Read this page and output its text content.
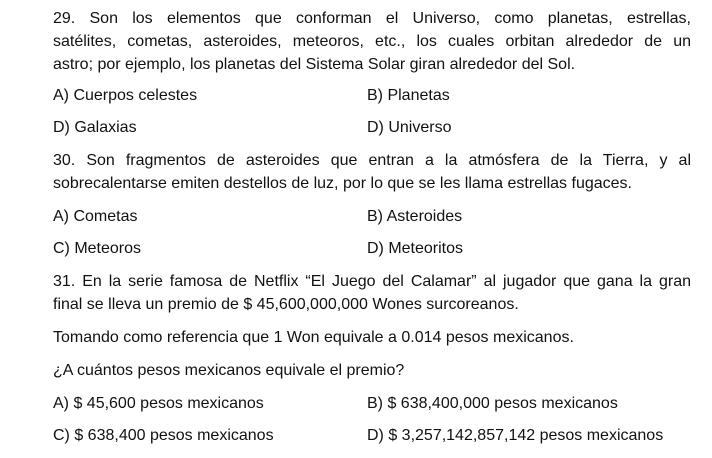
29. Son los elementos que conforman el Universo, como planetas, estrellas,
satélites, cometas, asteroides, meteoros, etc., los cuales orbitan alrededor de un
astro; por ejemplo, los planetas del Sistema Solar giran alrededor del Sol.
A) Cuerpos celestes	B) Planetas
D) Galaxias	D) Universo
30. Son fragmentos de asteroides que entran a la atmósfera de la Tierra, y al
sobrecalentarse emiten destellos de luz, por lo que se les llama estrellas fugaces.
A) Cometas	B) Asteroides
C) Meteoros	D) Meteoritos
31. En la serie famosa de Netflix “El Juego del Calamar” al jugador que gana la gran
final se lleva un premio de $ 45,600,000,000 Wones surcoreanos.
Tomando como referencia que 1 Won equivale a 0.014 pesos mexicanos.
¿A cuántos pesos mexicanos equivale el premio?
A) $ 45,600 pesos mexicanos	B) $ 638,400,000 pesos mexicanos
C) $ 638,400 pesos mexicanos	D) $ 3,257,142,857,142 pesos mexicanos
